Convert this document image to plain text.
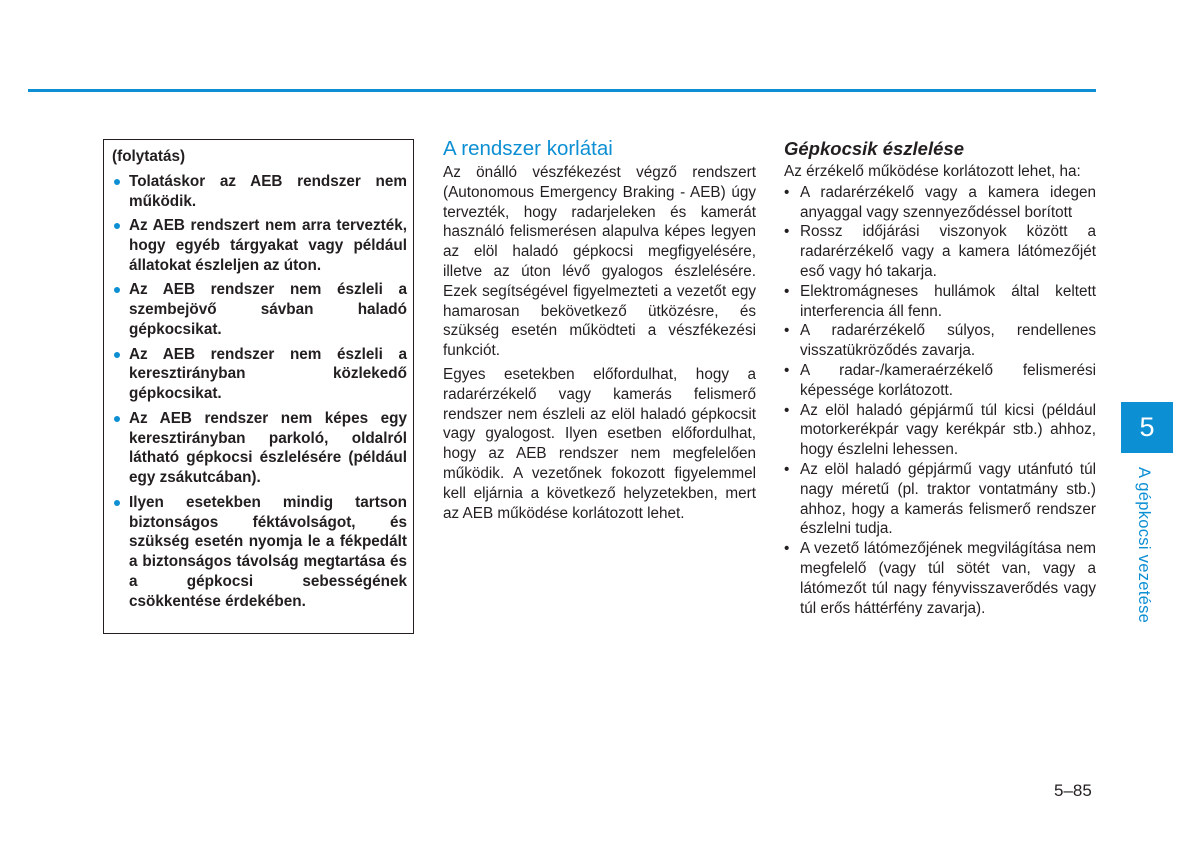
(folytatás)
Tolatáskor az AEB rendszer nem működik.
Az AEB rendszert nem arra tervezték, hogy egyéb tárgyakat vagy például állatokat észleljen az úton.
Az AEB rendszer nem észleli a szembejövő sávban haladó gépkocsikat.
Az AEB rendszer nem észleli a keresztirányban közlekedő gépkocsikat.
Az AEB rendszer nem képes egy keresztirányban parkoló, oldalról látható gépkocsi észlelésére (például egy zsákutcában).
Ilyen esetekben mindig tartson biztonságos féktávolságot, és szükség esetén nyomja le a fékpedált a biztonságos távolság megtartása és a gépkocsi sebességének csökkentése érdekében.
A rendszer korlátai

Az önálló vészfékezést végző rendszert (Autonomous Emergency Braking - AEB) úgy tervezték, hogy radarjeleken és kamerát használó felismerésen alapulva képes legyen az elöl haladó gépkocsi megfigyelésére, illetve az úton lévő gyalogos észlelésére. Ezek segítségével figyelmezteti a vezetőt egy hamarosan bekövetkező ütközésre, és szükség esetén működteti a vészfékezési funkciót.

Egyes esetekben előfordulhat, hogy a radarérzékelő vagy kamerás felismerő rendszer nem észleli az elöl haladó gépkocsit vagy gyalogost. Ilyen esetben előfordulhat, hogy az AEB rendszer nem megfelelően működik. A vezetőnek fokozott figyelemmel kell eljárnia a következő helyzetekben, mert az AEB működése korlátozott lehet.

Gépkocsik észlelése

Az érzékelő működése korlátozott lehet, ha:

• A radarérzékelő vagy a kamera idegen anyaggal vagy szennyeződéssel borított
• Rossz időjárási viszonyok között a radarérzékelő vagy a kamera látómezőjét eső vagy hó takarja.
• Elektromágneses hullámok által keltett interferencia áll fenn.
• A radarérzékelő súlyos, rendellenes visszatükröződés zavarja.
• A radar-/kameraérzékelő felismerési képessége korlátozott.
• Az elöl haladó gépjármű túl kicsi (például motorkerékpár vagy kerékpár stb.) ahhoz, hogy észlelni lehessen.
• Az elöl haladó gépjármű vagy utánfutó túl nagy méretű (pl. traktor vontatmány stb.) ahhoz, hogy a kamerás felismerő rendszer észlelni tudja.
• A vezető látómezőjének megvilágítása nem megfelelő (vagy túl sötét van, vagy a látómezőt túl nagy fényvisszaverődés vagy túl erős háttérfény zavarja).
5
A gépkocsi vezetése
5–85
